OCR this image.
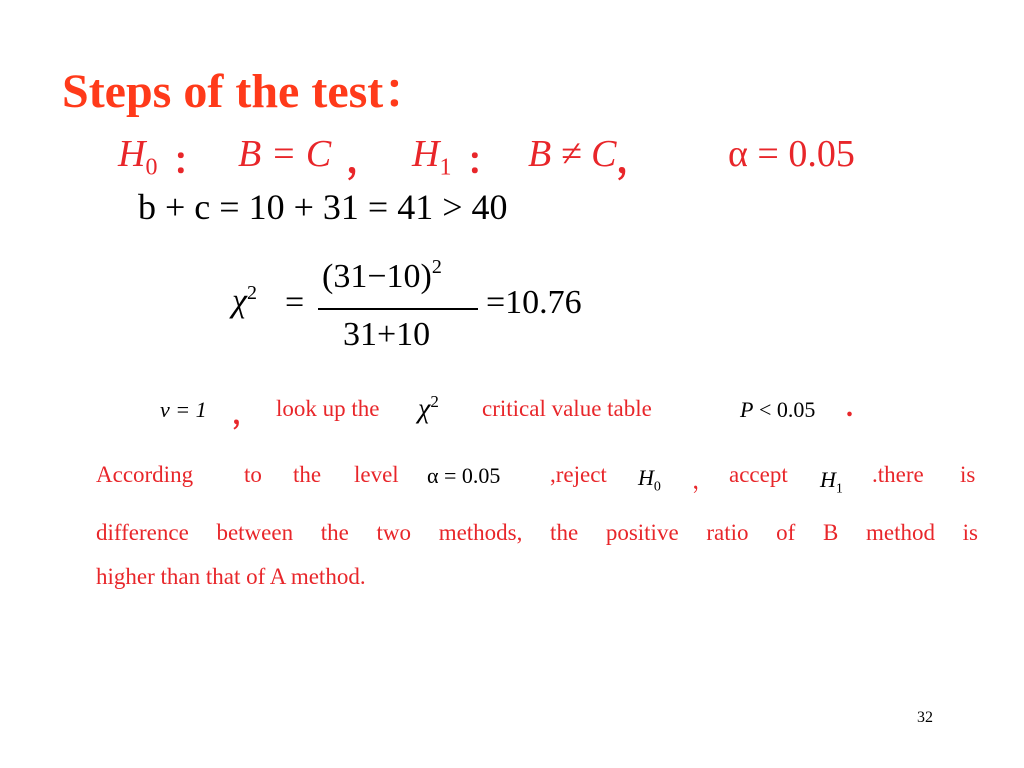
Steps of the test：
$H_0$ ： B = C ， $H_1$ ： B ≠ C ， α = 0.05
b + c = 10 + 31 = 41 > 40
$\chi^2$ =
$(31-10)^2$
31+10
=10.76
ν = 1 ， look up the $\chi^2$ critical value table	P < 0.05 .
According to the level α = 0.05 ,reject $H_0$ ， accept $H_1$
.there is
difference between the two methods, the positive ratio of B method is
higher than that of A method.
32
